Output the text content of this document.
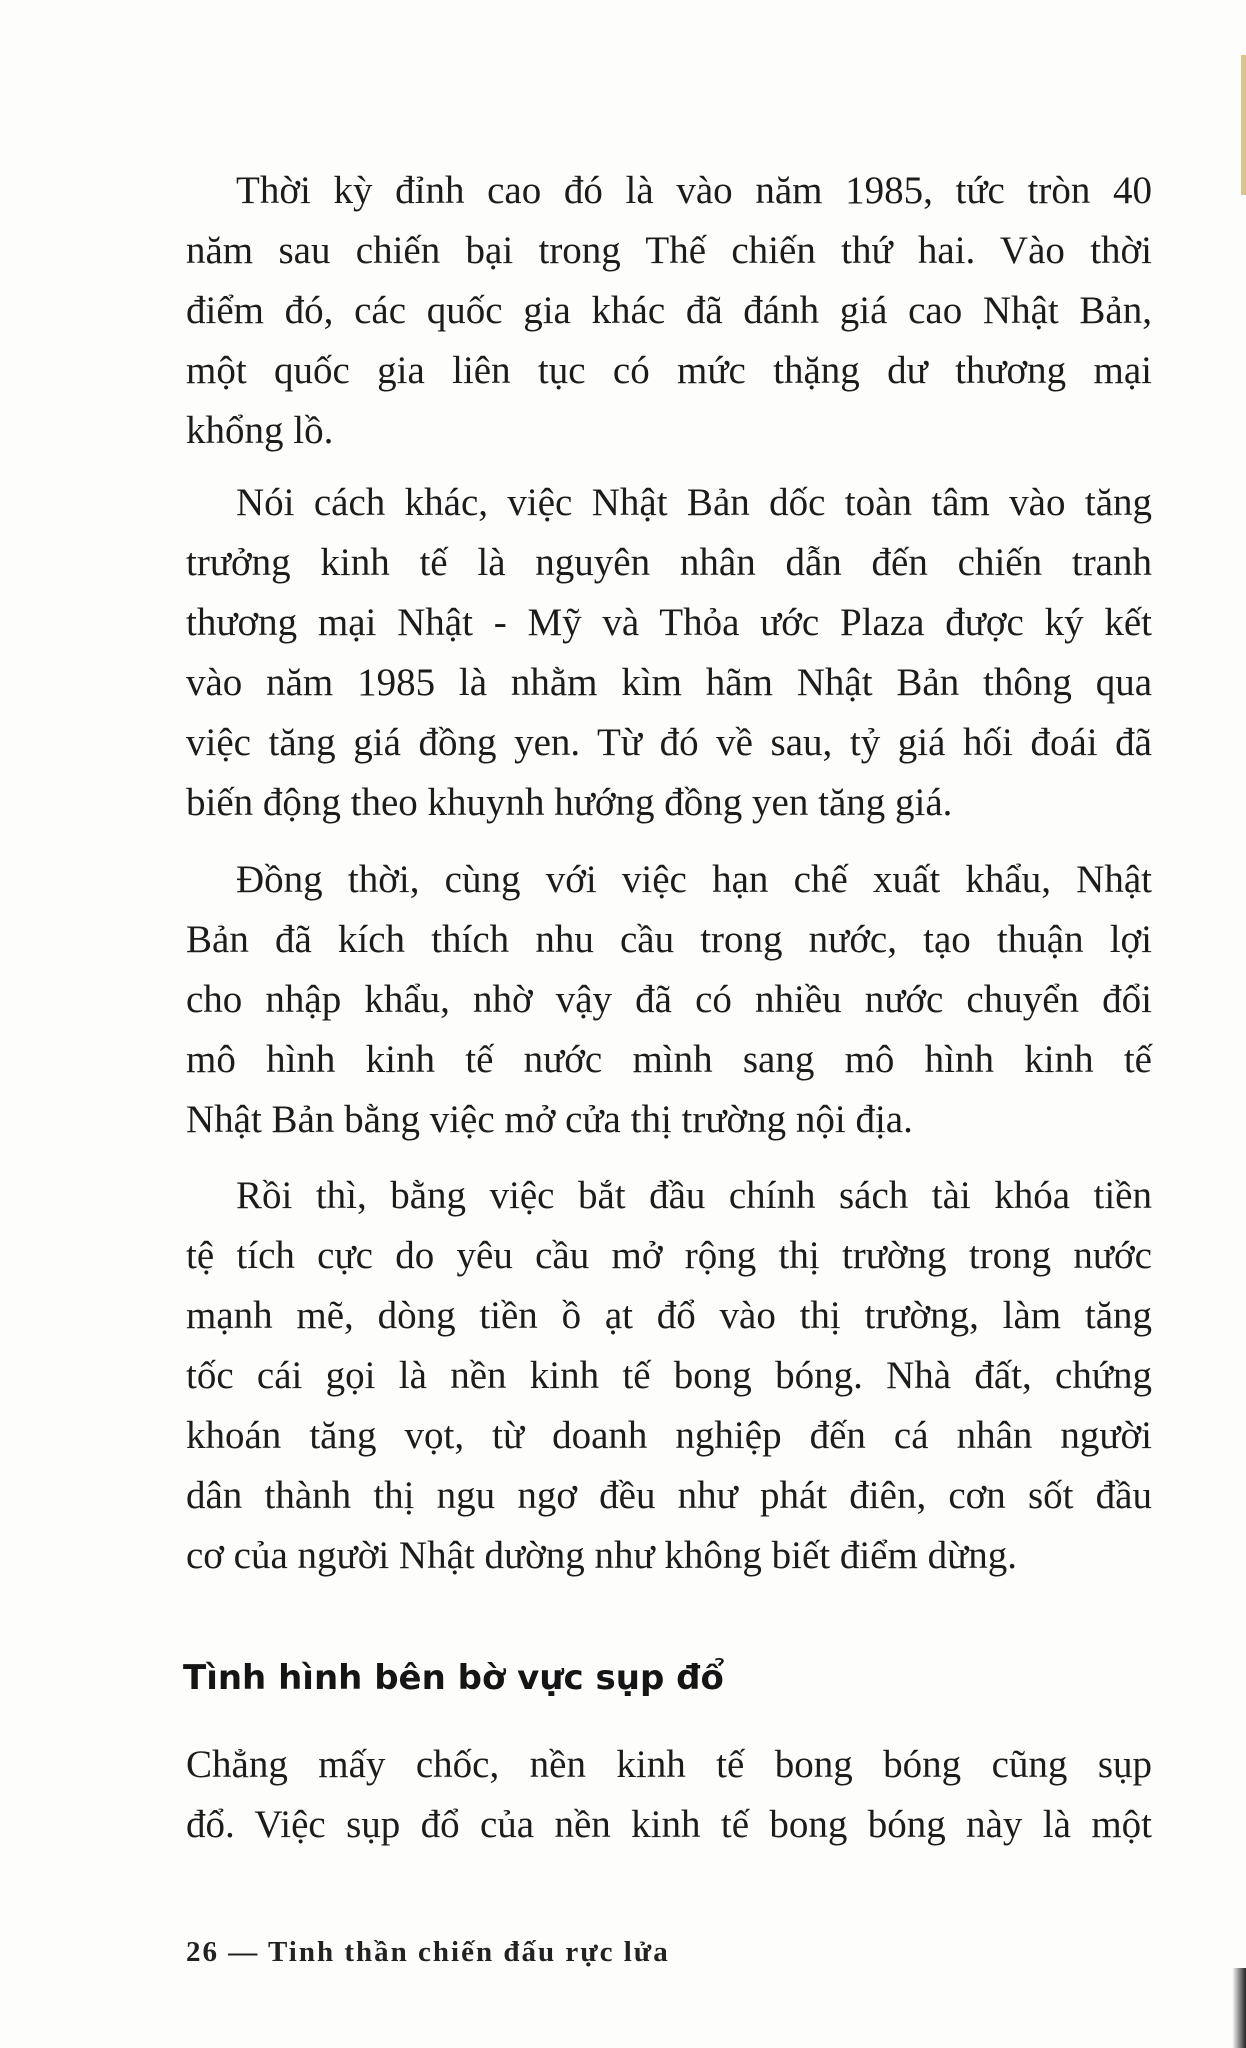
Thời kỳ đỉnh cao đó là vào năm 1985, tức tròn 40
năm sau chiến bại trong Thế chiến thứ hai. Vào thời
điểm đó, các quốc gia khác đã đánh giá cao Nhật Bản,
một quốc gia liên tục có mức thặng dư thương mại
khổng lồ.
Nói cách khác, việc Nhật Bản dốc toàn tâm vào tăng
trưởng kinh tế là nguyên nhân dẫn đến chiến tranh
thương mại Nhật - Mỹ và Thỏa ước Plaza được ký kết
vào năm 1985 là nhằm kìm hãm Nhật Bản thông qua
việc tăng giá đồng yen. Từ đó về sau, tỷ giá hối đoái đã
biến động theo khuynh hướng đồng yen tăng giá.
Đồng thời, cùng với việc hạn chế xuất khẩu, Nhật
Bản đã kích thích nhu cầu trong nước, tạo thuận lợi
cho nhập khẩu, nhờ vậy đã có nhiều nước chuyển đổi
mô hình kinh tế nước mình sang mô hình kinh tế
Nhật Bản bằng việc mở cửa thị trường nội địa.
Rồi thì, bằng việc bắt đầu chính sách tài khóa tiền
tệ tích cực do yêu cầu mở rộng thị trường trong nước
mạnh mẽ, dòng tiền ồ ạt đổ vào thị trường, làm tăng
tốc cái gọi là nền kinh tế bong bóng. Nhà đất, chứng
khoán tăng vọt, từ doanh nghiệp đến cá nhân người
dân thành thị ngu ngơ đều như phát điên, cơn sốt đầu
cơ của người Nhật dường như không biết điểm dừng.
Tình hình bên bờ vực sụp đổ
Chẳng mấy chốc, nền kinh tế bong bóng cũng sụp
đổ. Việc sụp đổ của nền kinh tế bong bóng này là một
26 — Tinh thần chiến đấu rực lửa
